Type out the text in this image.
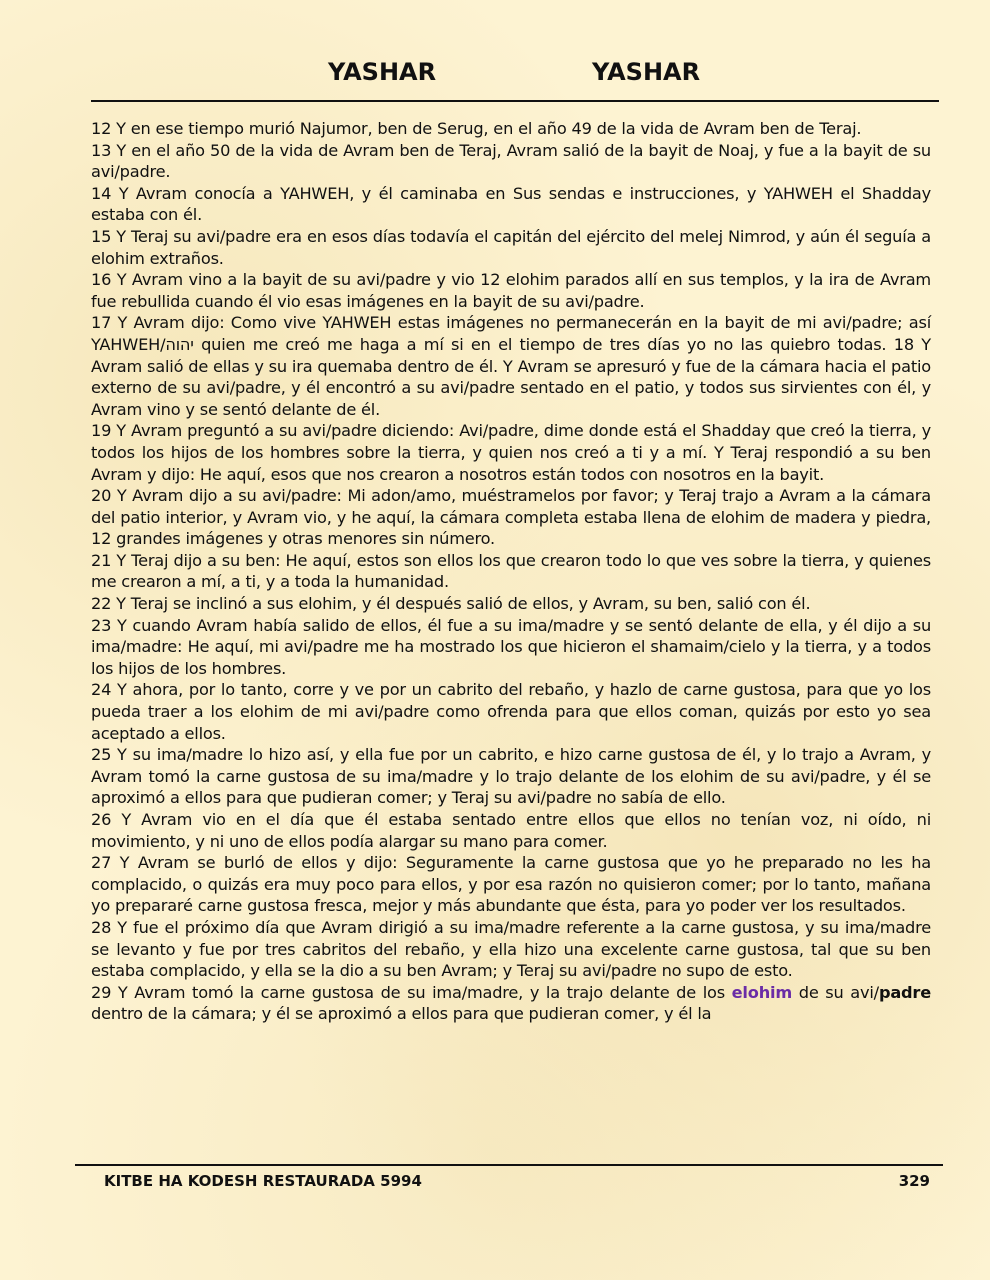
YASHAR	YASHAR

12 Y en ese tiempo murió Najumor, ben de Serug, en el año 49 de la vida de Avram ben de Teraj.

13 Y en el año 50 de la vida de Avram ben de Teraj, Avram salió de la bayit de Noaj, y fue a la bayit de su avi/padre.

14 Y Avram conocía a YAHWEH, y él caminaba en Sus sendas e instrucciones, y YAHWEH el Shadday estaba con él.

15 Y Teraj su avi/padre era en esos días todavía el capitán del ejército del melej Nimrod, y aún él seguía a elohim extraños.

16 Y Avram vino a la bayit de su avi/padre y vio 12 elohim parados allí en sus templos, y la ira de Avram fue rebullida cuando él vio esas imágenes en la bayit de su avi/padre.

17 Y Avram dijo: Como vive YAHWEH estas imágenes no permanecerán en la bayit de mi avi/padre; así YAHWEH/יהוה quien me creó me haga a mí si en el tiempo de tres días yo no las quiebro todas. 18 Y Avram salió de ellas y su ira quemaba dentro de él. Y Avram se apresuró y fue de la cámara hacia el patio externo de su avi/padre, y él encontró a su avi/padre sentado en el patio, y todos sus sirvientes con él, y Avram vino y se sentó delante de él.

19 Y Avram preguntó a su avi/padre diciendo: Avi/padre, dime donde está el Shadday que creó la tierra, y todos los hijos de los hombres sobre la tierra, y quien nos creó a ti y a mí. Y Teraj respondió a su ben Avram y dijo: He aquí, esos que nos crearon a nosotros están todos con nosotros en la bayit.

20 Y Avram dijo a su avi/padre: Mi adon/amo, muéstramelos por favor; y Teraj trajo a Avram a la cámara del patio interior, y Avram vio, y he aquí, la cámara completa estaba llena de elohim de madera y piedra, 12 grandes imágenes y otras menores sin número.

21 Y Teraj dijo a su ben: He aquí, estos son ellos los que crearon todo lo que ves sobre la tierra, y quienes me crearon a mí, a ti, y a toda la humanidad.

22 Y Teraj se inclinó a sus elohim, y él después salió de ellos, y Avram, su ben, salió con él.

23 Y cuando Avram había salido de ellos, él fue a su ima/madre y se sentó delante de ella, y él dijo a su ima/madre: He aquí, mi avi/padre me ha mostrado los que hicieron el shamaim/cielo y la tierra, y a todos los hijos de los hombres.

24 Y ahora, por lo tanto, corre y ve por un cabrito del rebaño, y hazlo de carne gustosa, para que yo los pueda traer a los elohim de mi avi/padre como ofrenda para que ellos coman, quizás por esto yo sea aceptado a ellos.

25 Y su ima/madre lo hizo así, y ella fue por un cabrito, e hizo carne gustosa de él, y lo trajo a Avram, y Avram tomó la carne gustosa de su ima/madre y lo trajo delante de los elohim de su avi/padre, y él se aproximó a ellos para que pudieran comer; y Teraj su avi/padre no sabía de ello.

26 Y Avram vio en el día que él estaba sentado entre ellos que ellos no tenían voz, ni oído, ni movimiento, y ni uno de ellos podía alargar su mano para comer.

27 Y Avram se burló de ellos y dijo: Seguramente la carne gustosa que yo he preparado no les ha complacido, o quizás era muy poco para ellos, y por esa razón no quisieron comer; por lo tanto, mañana yo prepararé carne gustosa fresca, mejor y más abundante que ésta, para yo poder ver los resultados.

28 Y fue el próximo día que Avram dirigió a su ima/madre referente a la carne gustosa, y su ima/madre se levanto y fue por tres cabritos del rebaño, y ella hizo una excelente carne gustosa, tal que su ben estaba complacido, y ella se la dio a su ben Avram; y Teraj su avi/padre no supo de esto.

29 Y Avram tomó la carne gustosa de su ima/madre, y la trajo delante de los elohim de su avi/padre dentro de la cámara; y él se aproximó a ellos para que pudieran comer, y él la

KITBE HA KODESH RESTAURADA 5994	329
